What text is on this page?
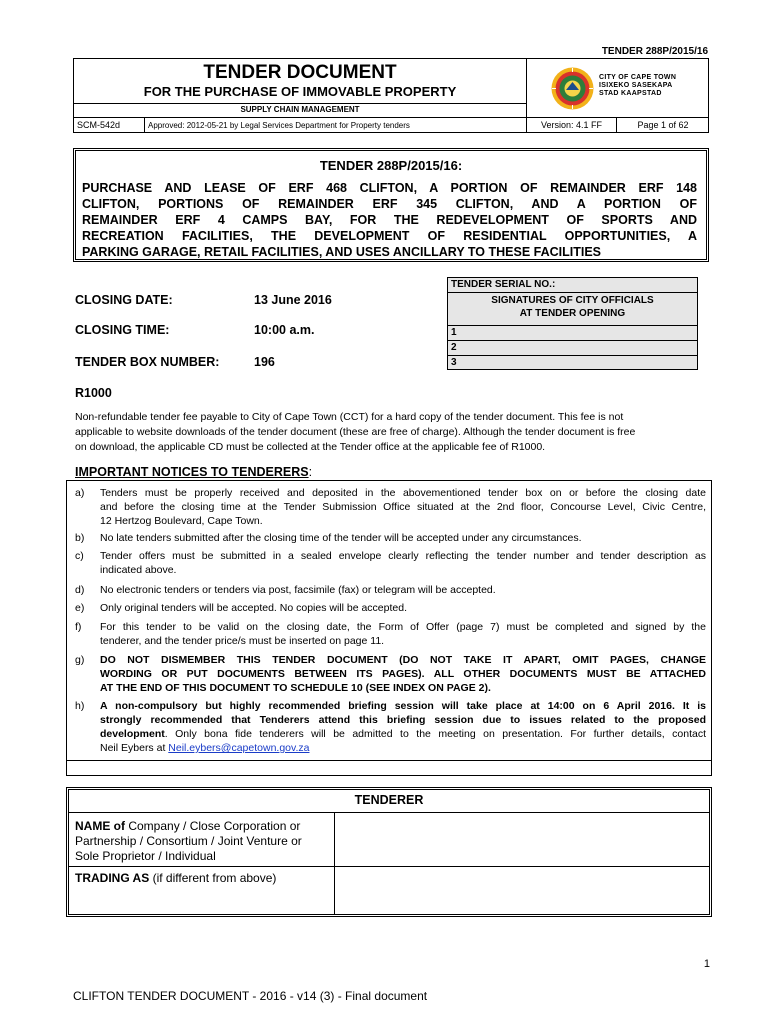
TENDER 288P/2015/16
TENDER DOCUMENT
FOR THE PURCHASE OF IMMOVABLE PROPERTY
SUPPLY CHAIN MANAGEMENT
SCM-542d	Approved: 2012-05-21 by Legal Services Department for Property tenders	Version: 4.1 FF	Page 1 of 62
CITY OF CAPE TOWN
ISIXEKO SASEKAPA
STAD KAAPSTAD
TENDER 288P/2015/16:
PURCHASE AND LEASE OF ERF 468 CLIFTON, A PORTION OF REMAINDER ERF 148
CLIFTON, PORTIONS OF REMAINDER ERF 345 CLIFTON, AND A PORTION OF
REMAINDER ERF 4 CAMPS BAY, FOR THE REDEVELOPMENT OF SPORTS AND
RECREATION FACILITIES, THE DEVELOPMENT OF RESIDENTIAL OPPORTUNITIES, A
PARKING GARAGE, RETAIL FACILITIES, AND USES ANCILLARY TO THESE FACILITIES
CLOSING DATE:	13 June 2016
CLOSING TIME:	10:00 a.m.
TENDER BOX NUMBER:	196
TENDER SERIAL NO.:
SIGNATURES OF CITY OFFICIALS
AT TENDER OPENING
1
2
3
R1000
Non-refundable tender fee payable to City of Cape Town (CCT) for a hard copy of the tender document. This fee is not
applicable to website downloads of the tender document (these are free of charge). Although the tender document is free
on download, the applicable CD must be collected at the Tender office at the applicable fee of R1000.
IMPORTANT NOTICES TO TENDERERS:
a) Tenders must be properly received and deposited in the abovementioned tender box on or before the closing date
and before the closing time at the Tender Submission Office situated at the 2nd floor, Concourse Level, Civic Centre,
12 Hertzog Boulevard, Cape Town.
b) No late tenders submitted after the closing time of the tender will be accepted under any circumstances.
c) Tender offers must be submitted in a sealed envelope clearly reflecting the tender number and tender description as
indicated above.
d) No electronic tenders or tenders via post, facsimile (fax) or telegram will be accepted.
e) Only original tenders will be accepted. No copies will be accepted.
f) For this tender to be valid on the closing date, the Form of Offer (page 7) must be completed and signed by the
tenderer, and the tender price/s must be inserted on page 11.
g) DO NOT DISMEMBER THIS TENDER DOCUMENT (DO NOT TAKE IT APART, OMIT PAGES, CHANGE
WORDING OR PUT DOCUMENTS BETWEEN ITS PAGES). ALL OTHER DOCUMENTS MUST BE ATTACHED
AT THE END OF THIS DOCUMENT TO SCHEDULE 10 (SEE INDEX ON PAGE 2).
h) A non-compulsory but highly recommended briefing session will take place at 14:00 on 6 April 2016. It is
strongly recommended that Tenderers attend this briefing session due to issues related to the proposed
development. Only bona fide tenderers will be admitted to the meeting on presentation. For further details, contact
Neil Eybers at Neil.eybers@capetown.gov.za
TENDERER
NAME of Company / Close Corporation or
Partnership / Consortium / Joint Venture or
Sole Proprietor / Individual
TRADING AS (if different from above)
1
CLIFTON TENDER DOCUMENT - 2016 - v14 (3) - Final document
